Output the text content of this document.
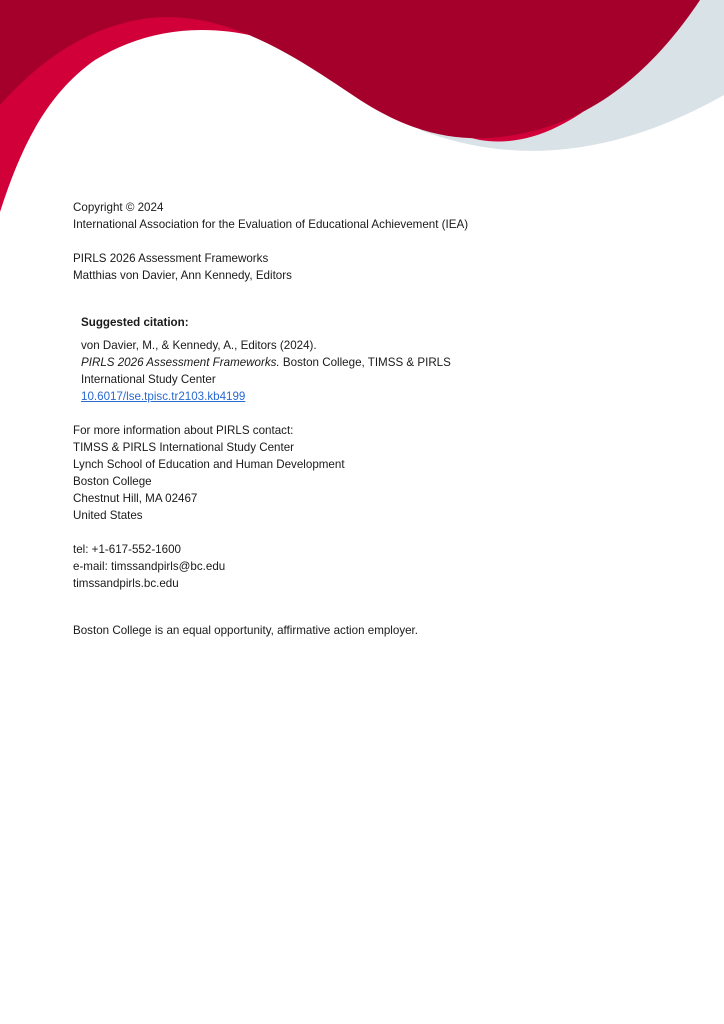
Copyright © 2024
International Association for the Evaluation of Educational Achievement (IEA)
PIRLS 2026 Assessment Frameworks
Matthias von Davier, Ann Kennedy, Editors
Suggested citation:
von Davier, M., & Kennedy, A., Editors (2024).
PIRLS 2026 Assessment Frameworks. Boston College, TIMSS & PIRLS
International Study Center
10.6017/lse.tpisc.tr2103.kb4199
For more information about PIRLS contact:
TIMSS & PIRLS International Study Center
Lynch School of Education and Human Development
Boston College
Chestnut Hill, MA 02467
United States
tel: +1-617-552-1600
e-mail: timssandpirls@bc.edu
timssandpirls.bc.edu
Boston College is an equal opportunity, affirmative action employer.
